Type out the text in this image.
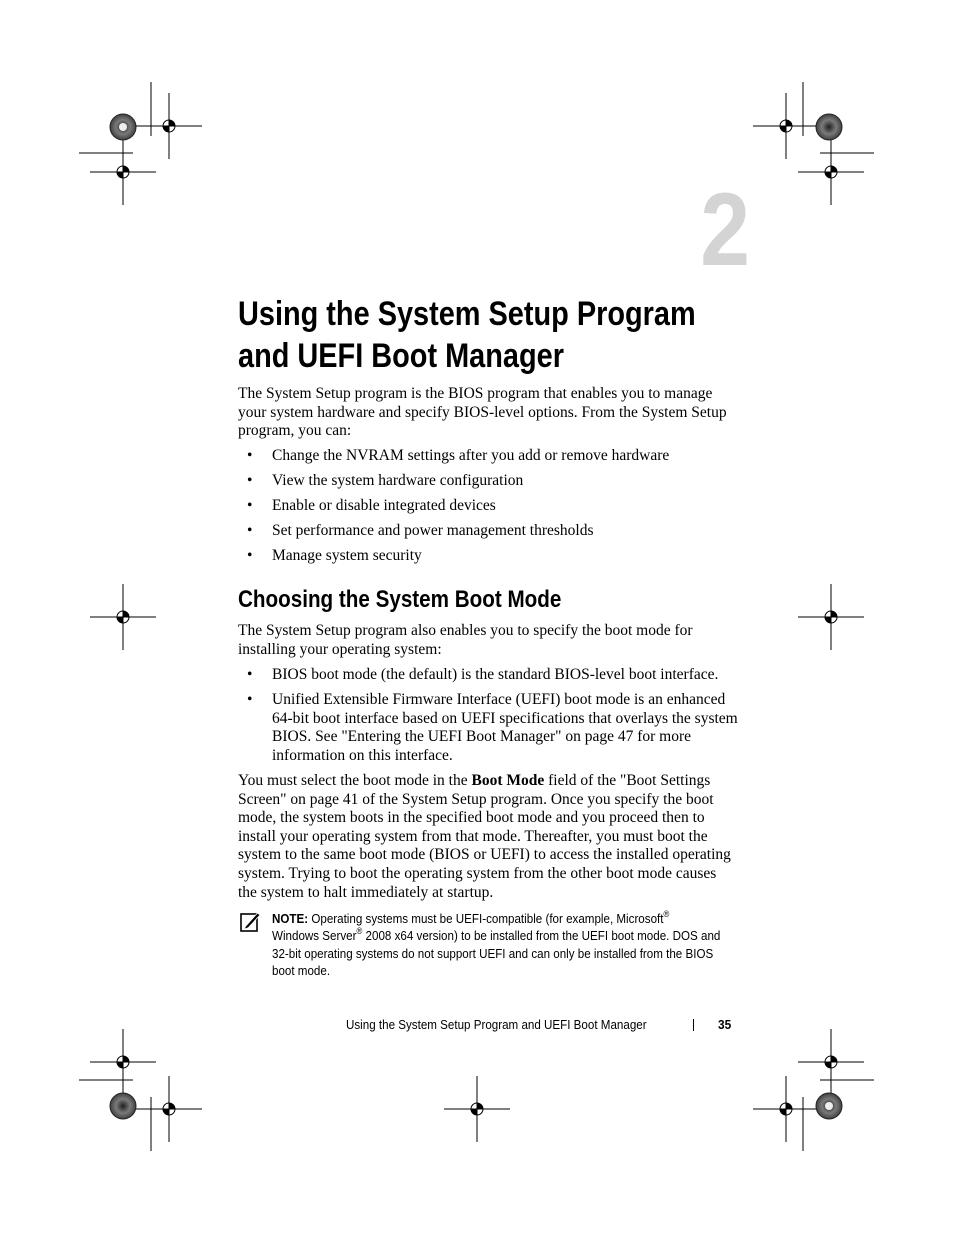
2
Using the System Setup Program
and UEFI Boot Manager

The System Setup program is the BIOS program that enables you to manage your system hardware and specify BIOS-level options. From the System Setup program, you can:

• Change the NVRAM settings after you add or remove hardware
• View the system hardware configuration
• Enable or disable integrated devices
• Set performance and power management thresholds
• Manage system security
Choosing the System Boot Mode

The System Setup program also enables you to specify the boot mode for installing your operating system:

• BIOS boot mode (the default) is the standard BIOS-level boot interface.
• Unified Extensible Firmware Interface (UEFI) boot mode is an enhanced 64-bit boot interface based on UEFI specifications that overlays the system BIOS. See "Entering the UEFI Boot Manager" on page 47 for more information on this interface.

You must select the boot mode in the Boot Mode field of the "Boot Settings Screen" on page 41 of the System Setup program. Once you specify the boot mode, the system boots in the specified boot mode and you proceed then to install your operating system from that mode. Thereafter, you must boot the system to the same boot mode (BIOS or UEFI) to access the installed operating system. Trying to boot the operating system from the other boot mode causes the system to halt immediately at startup.

NOTE: Operating systems must be UEFI-compatible (for example, Microsoft®
Windows Server® 2008 x64 version) to be installed from the UEFI boot mode. DOS and 32-bit operating systems do not support UEFI and can only be installed from the BIOS boot mode.

Using the System Setup Program and UEFI Boot Manager	35
